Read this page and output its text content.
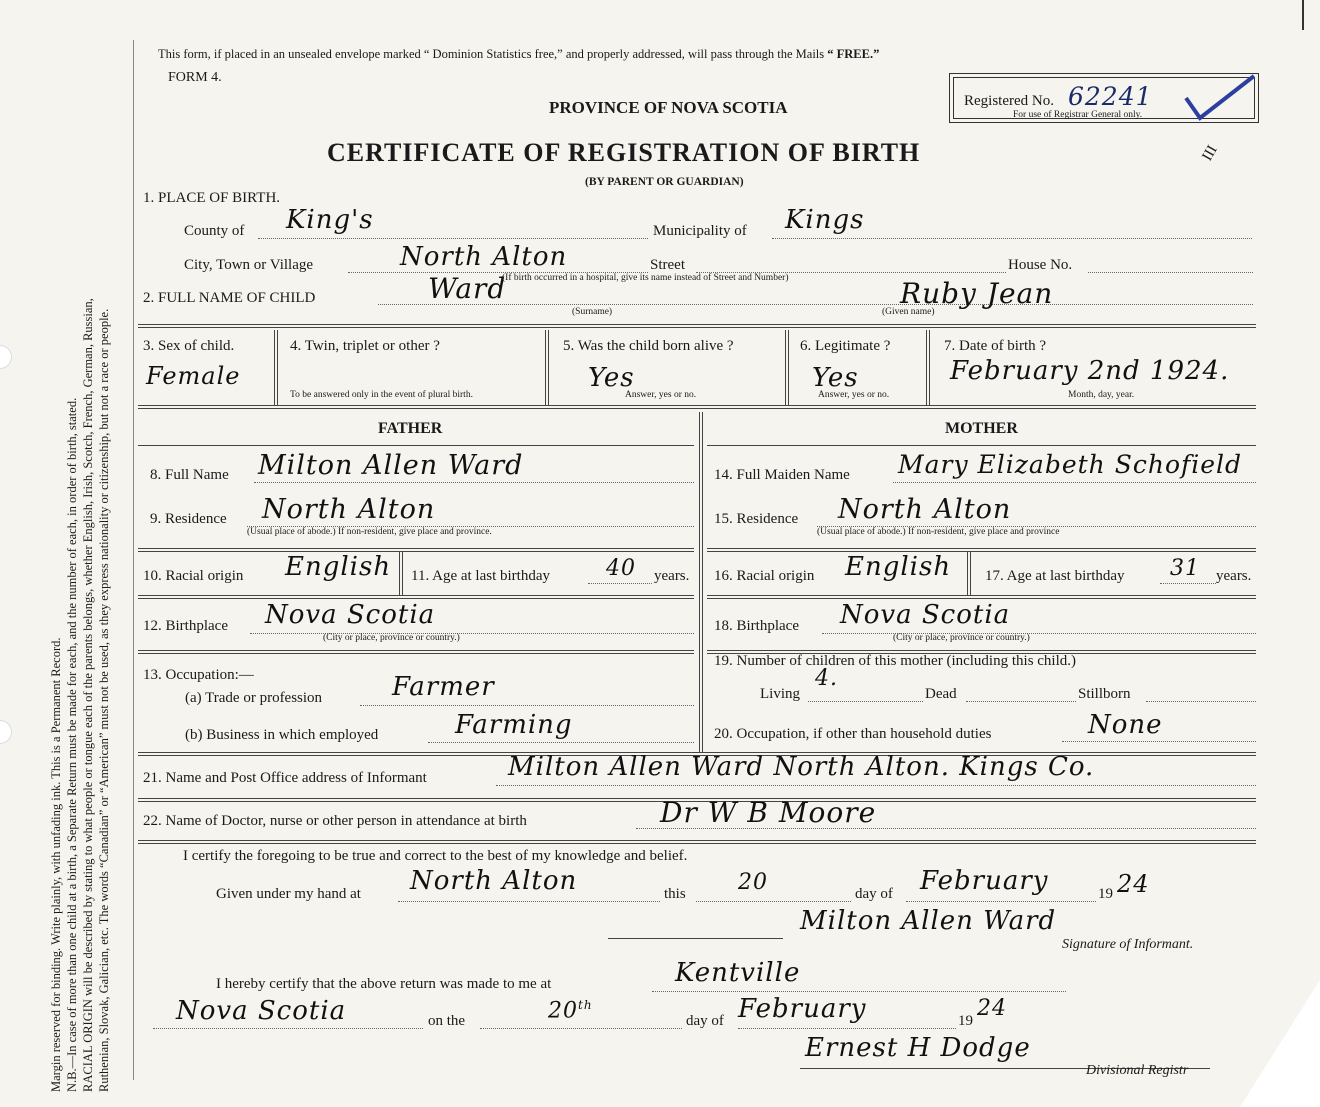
Margin reserved for binding. Write plainly, with unfading ink. This is a Permanent Record. N.B.—In case of more than one child at a birth, a Separate Return must be made for each, and the number of each, in order of birth, stated. RACIAL ORIGIN will be described by stating to what people or tongue each of the parents belongs, whether English, Irish, Scotch, French, German, Russian, Ruthenian, Slovak, Galician, etc. The words “Canadian” or “American” must not be used, as they express nationality or citizenship, but not a race or people.
This form, if placed in an unsealed envelope marked “ Dominion Statistics free,” and properly addressed, will pass through the Mails “ FREE.”
FORM 4.
PROVINCE OF NOVA SCOTIA
CERTIFICATE OF REGISTRATION OF BIRTH
(BY PARENT OR GUARDIAN)
Registered No. 62241
For use of Registrar General only.
III
1. PLACE OF BIRTH.
County of King's	Municipality of Kings
City, Town or Village	North Alton	Street	House No.
(If birth occurred in a hospital, give its name instead of Street and Number)
2. FULL NAME OF CHILD	Ward	Ruby Jean
(Surname)	(Given name)
3. Sex of child.
Female
4. Twin, triplet or other ?
To be answered only in the event of plural birth.
5. Was the child born alive ?
Yes
Answer, yes or no.
6. Legitimate ?
Yes
Answer, yes or no.
7. Date of birth ?
February 2nd 1924.
Month, day, year.
FATHER
8. Full Name Milton Allen Ward
9. Residence North Alton
(Usual place of abode.) If non-resident, give place and province.
10. Racial origin English 11. Age at last birthday	40 years.
12. Birthplace Nova Scotia
(City or place, province or country.)
13. Occupation:—
(a) Trade or profession	Farmer
(b) Business in which employed	Farming
MOTHER
14. Full Maiden Name Mary Elizabeth Schofield
15. Residence North Alton
(Usual place of abode.) If non-resident, give place and province
16. Racial origin English 17. Age at last birthday 31 years.
18. Birthplace Nova Scotia
(City or place, province or country.)
19. Number of children of this mother (including this child.)
Living
4.
Dead	Stillborn
20. Occupation, if other than household duties	None
21. Name and Post Office address of Informant	Milton Allen Ward North Alton. Kings Co.
22. Name of Doctor, nurse or other person in attendance at birth	Dr W B Moore
I certify the foregoing to be true and correct to the best of my knowledge and belief.
Given under my hand at North Alton	this 20	day of February	19 24
Milton Allen Ward
Signature of Informant.
I hereby certify that the above return was made to me at	Kentville
Nova Scotia	on the	20th
day of February	19 24
Ernest H Dodge
Divisional Registr
